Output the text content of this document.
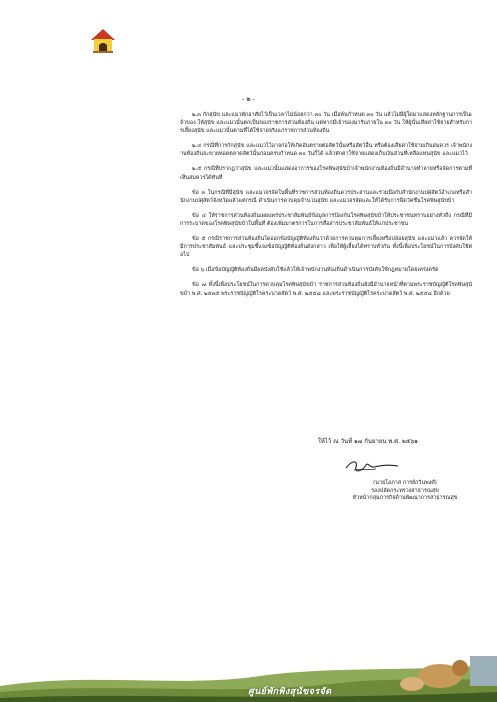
- ๒ -

๒.๓ กักสุนัข และแมวพักอาศัยไว้เป็นเวลาไม่น้อยกว่า ๓๐ วัน เมื่อพ้นกำหนด ๓๐ วัน แล้วไม่มีผู้ใดมาแสดงหลักฐานการเป็นเจ้าของ ให้สุนัข และแมวนั้นตกเป็นของราชการส่วนท้องถิ่น แต่หากมีเจ้าของมารับภายใน ๓๐ วัน ให้ผู้นั้นเสียค่าใช้จ่ายสำหรับการเลี้ยงสุนัข และแมวนั้นตามที่ได้ใช้จ่ายจริงแก่ราชการส่วนท้องถิ่น

๒.๔ กรณีที่การกักสุนัข และแมวไว้อาจก่อให้เกิดอันตรายต่อสัตว์นั้นหรือสัตว์อื่น หรือต้องเสียค่าใช้จ่ายเกินสมควร เจ้าพนักงานท้องถิ่นจะขายทอดตลาดสัตว์นั้นก่อนครบกำหนด ๓๐ วันก็ได้ แล้วหักค่าใช้จ่ายแสดงเก็บเงินส่วนที่เหลือแทนสุนัข และแมวไว้

๒.๕ กรณีที่ปรากฏว่าสุนัข และแมวนั้นแสดงอาการของโรคพิษสุนัขบ้าเจ้าพนักงานท้องถิ่นมีอำนาจทำลายหรือจัดการตามที่เห็นสมควรได้ทันที

ข้อ ๓ ในกรณีที่มีสุนัข และแมวจรจัดในพื้นที่ราชการส่วนท้องถิ่นควรประสานและร่วมมือกับสำนักงานปศุสัตว์อำเภอหรือสำนักงานปศุสัตว์จังหวัดแล้วแต่กรณี ดำเนินการควบคุมจำนวนสุนัข และแมวจรจัดและให้ได้รับการฉีดวัคซีนโรคพิษสุนัขบ้า

ข้อ ๔ ให้ราชการส่วนท้องถิ่นเผยแพร่ประชาสัมพันธ์ข้อมูลการป้องกันโรคพิษสุนัขบ้าให้ประชาชนทราบอย่างทั่วถึง กรณีที่มีการระบาดของโรคพิษสุนัขบ้าในพื้นที่ ต้องเพิ่มมาตรการในการสื่อสารประชาสัมพันธ์ให้แก่ประชาชน

ข้อ ๕ กรณีราชการส่วนท้องถิ่นใดออกข้อบัญญัติท้องถิ่นว่าด้วยการควบคุมการเลี้ยงหรือปล่อยสุนัข และแมวแล้ว ควรจัดให้มีการประชาสัมพันธ์ และประชุมชี้แจงข้อบัญญัติท้องถิ่นดังกล่าว เพื่อให้ผู้เลี้ยงได้ทราบทั่วกัน ทั้งนี้เพื่อประโยชน์ในการบังคับใช้ต่อไป

ข้อ ๖ เมื่อข้อบัญญัติท้องถิ่นมีผลบังคับใช้แล้วให้เจ้าพนักงานท้องถิ่นดำเนินการบังคับใช้กฎหมายโดยเคร่งครัด

ข้อ ๗ ทั้งนี้เพื่อประโยชน์ในการควบคุมโรคพิษสุนัขบ้า ราชการส่วนท้องถิ่นยังมีอำนาจหน้าที่ตามพระราชบัญญัติโรคพิษสุนัขบ้า พ.ศ. ๒๕๓๕ พระราชบัญญัติโรคระบาดสัตว์ พ.ศ. ๒๕๕๘ และพระราชบัญญัติโรคระบาดสัตว์ พ.ศ. ๒๕๕๘ อีกด้วย

ให้ไว้ ณ วันที่ ๑๗ กันยายน พ.ศ. ๒๕๖๑
(นายโอภาส การย์กวินพงศ์)
รองปลัดกระทรวงสาธารณสุข
หัวหน้ากลุ่มภารกิจด้านพัฒนาการสาธารณสุข
ศูนย์พักพิงสุนัขจรจัด
